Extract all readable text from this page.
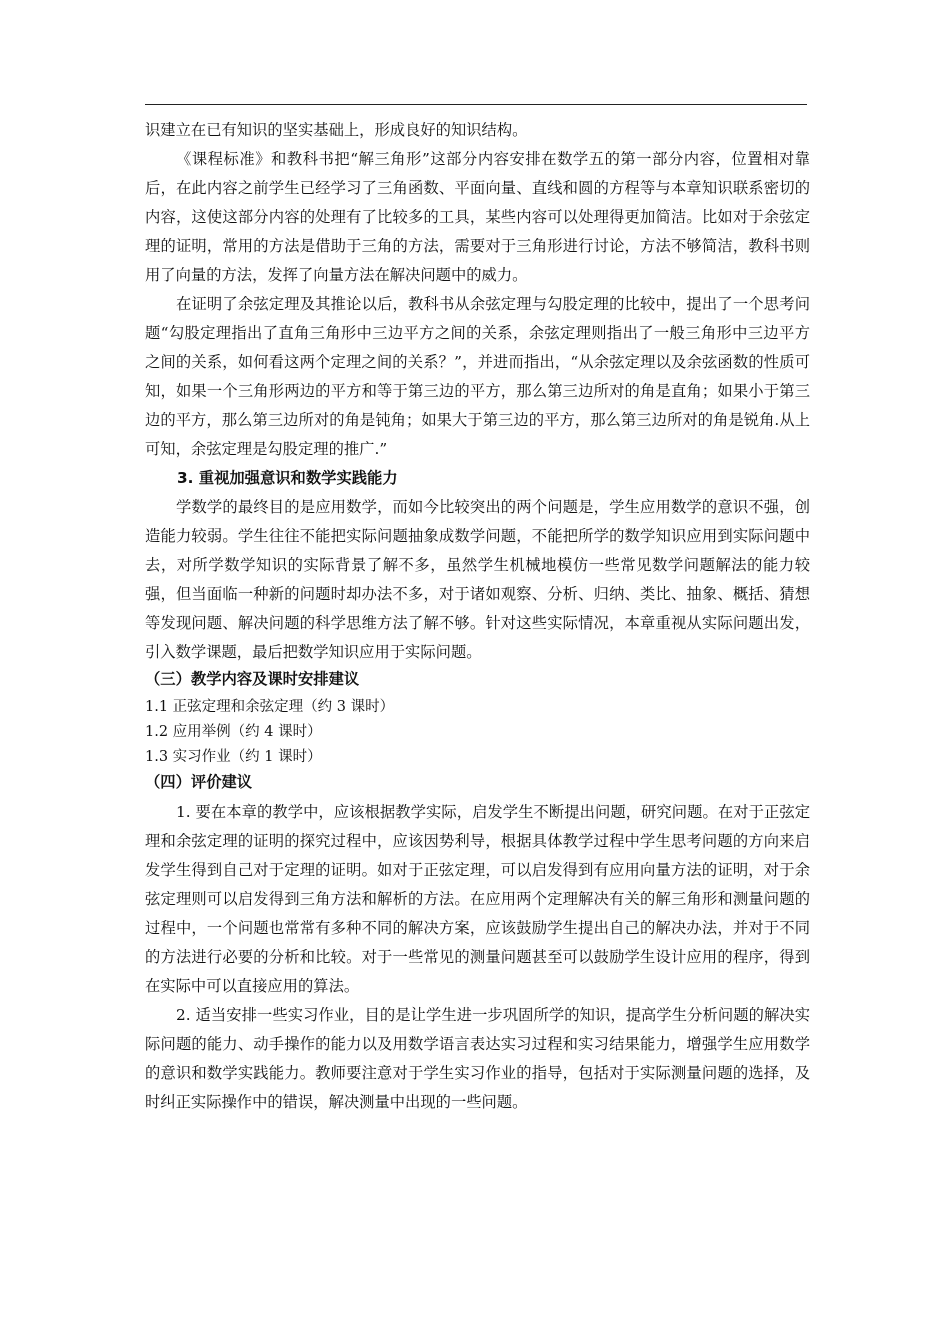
识建立在已有知识的坚实基础上，形成良好的知识结构。

《课程标准》和教科书把“解三角形”这部分内容安排在数学五的第一部分内容，位置相对靠后，在此内容之前学生已经学习了三角函数、平面向量、直线和圆的方程等与本章知识联系密切的内容，这使这部分内容的处理有了比较多的工具，某些内容可以处理得更加简洁。比如对于余弦定理的证明，常用的方法是借助于三角的方法，需要对于三角形进行讨论，方法不够简洁，教科书则用了向量的方法，发挥了向量方法在解决问题中的威力。

在证明了余弦定理及其推论以后，教科书从余弦定理与勾股定理的比较中，提出了一个思考问题“勾股定理指出了直角三角形中三边平方之间的关系，余弦定理则指出了一般三角形中三边平方之间的关系，如何看这两个定理之间的关系？”，并进而指出，“从余弦定理以及余弦函数的性质可知，如果一个三角形两边的平方和等于第三边的平方，那么第三边所对的角是直角；如果小于第三边的平方，那么第三边所对的角是钝角；如果大于第三边的平方，那么第三边所对的角是锐角.从上可知，余弦定理是勾股定理的推广.”

3. 重视加强意识和数学实践能力

学数学的最终目的是应用数学，而如今比较突出的两个问题是，学生应用数学的意识不强，创造能力较弱。学生往往不能把实际问题抽象成数学问题，不能把所学的数学知识应用到实际问题中去，对所学数学知识的实际背景了解不多，虽然学生机械地模仿一些常见数学问题解法的能力较强，但当面临一种新的问题时却办法不多，对于诸如观察、分析、归纳、类比、抽象、概括、猜想等发现问题、解决问题的科学思维方法了解不够。针对这些实际情况，本章重视从实际问题出发，引入数学课题，最后把数学知识应用于实际问题。

（三）教学内容及课时安排建议

1.1 正弦定理和余弦定理（约 3 课时）

1.2 应用举例（约 4 课时）

1.3 实习作业（约 1 课时）

（四）评价建议

1. 要在本章的教学中，应该根据教学实际，启发学生不断提出问题，研究问题。在对于正弦定理和余弦定理的证明的探究过程中，应该因势利导，根据具体教学过程中学生思考问题的方向来启发学生得到自己对于定理的证明。如对于正弦定理，可以启发得到有应用向量方法的证明，对于余弦定理则可以启发得到三角方法和解析的方法。在应用两个定理解决有关的解三角形和测量问题的过程中，一个问题也常常有多种不同的解决方案，应该鼓励学生提出自己的解决办法，并对于不同的方法进行必要的分析和比较。对于一些常见的测量问题甚至可以鼓励学生设计应用的程序，得到在实际中可以直接应用的算法。

2. 适当安排一些实习作业，目的是让学生进一步巩固所学的知识，提高学生分析问题的解决实际问题的能力、动手操作的能力以及用数学语言表达实习过程和实习结果能力，增强学生应用数学的意识和数学实践能力。教师要注意对于学生实习作业的指导，包括对于实际测量问题的选择，及时纠正实际操作中的错误，解决测量中出现的一些问题。
